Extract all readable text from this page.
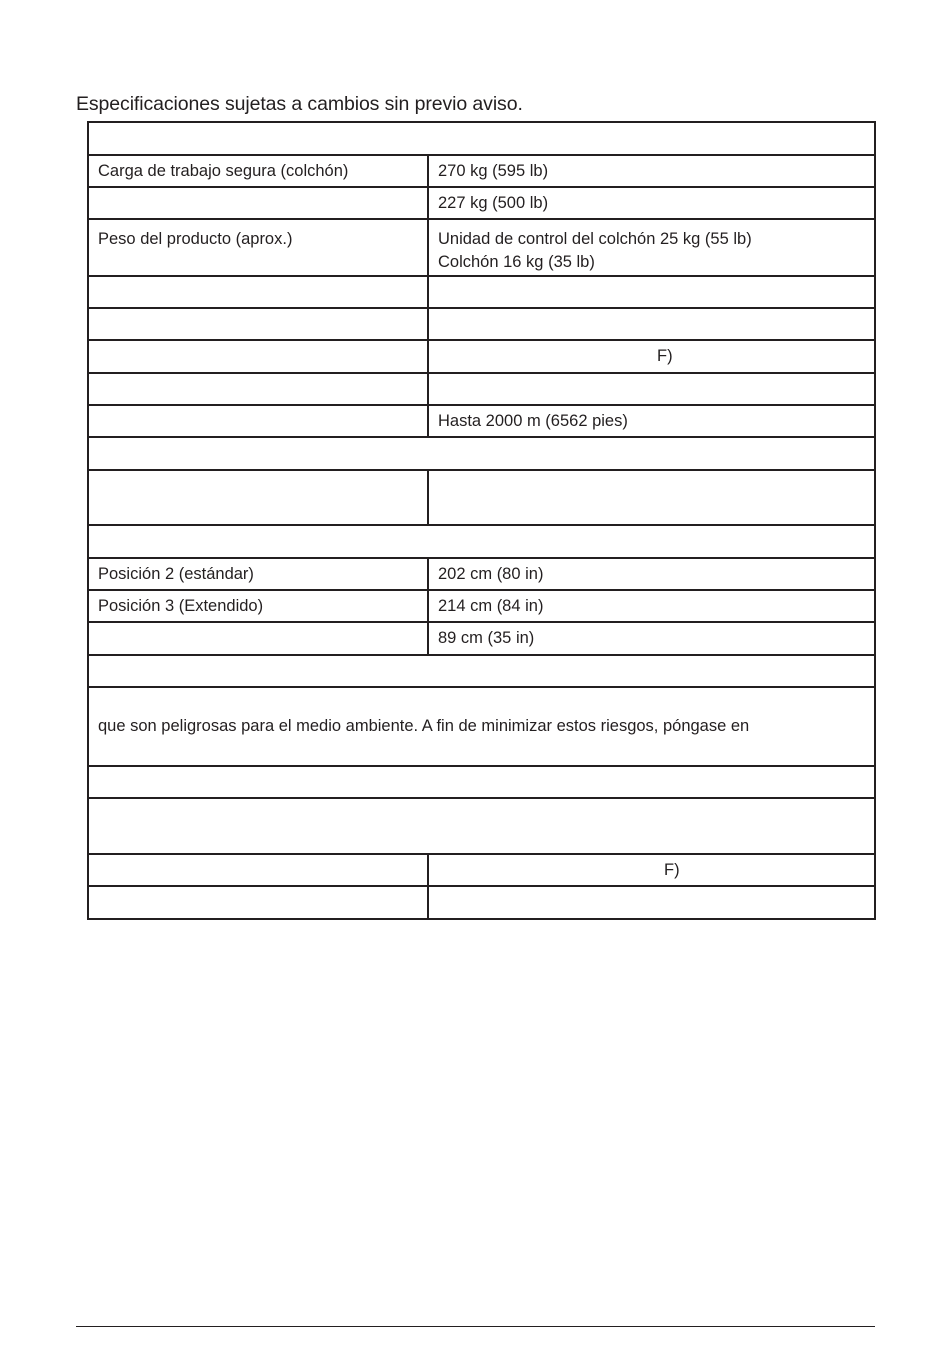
Especificaciones sujetas a cambios sin previo aviso.

Carga de trabajo segura (colchón)	270 kg (595 lb)
	227 kg (500 lb)
Peso del producto (aprox.)	Unidad de control del colchón 25 kg (55 lb)
Colchón 16 kg (35 lb)

	F)

	Hasta 2000 m (6562 pies)

Posición 2 (estándar)	202 cm (80 in)
Posición 3 (Extendido)	214 cm (84 in)
	89 cm (35 in)

que son peligrosas para el medio ambiente. A fin de minimizar estos riesgos, póngase en	

	F)
